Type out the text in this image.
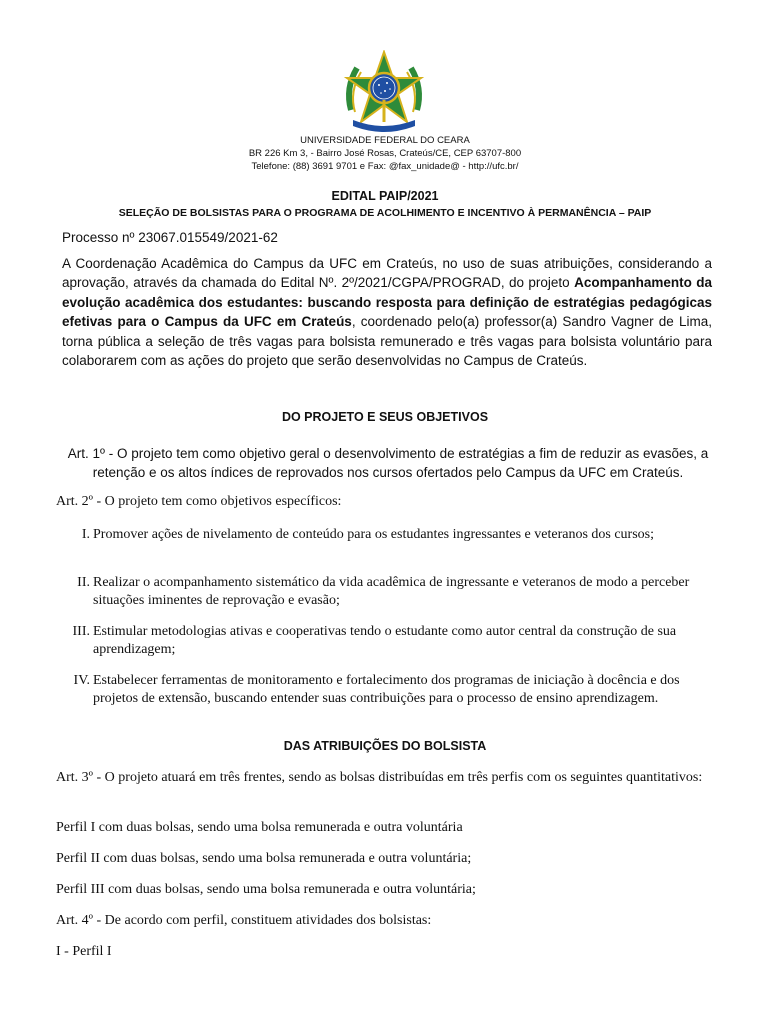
UNIVERSIDADE FEDERAL DO CEARA
BR 226 Km 3, - Bairro José Rosas, Crateús/CE, CEP 63707-800
Telefone: (88) 3691 9701 e Fax: @fax_unidade@ - http://ufc.br/
EDITAL PAIP/2021
SELEÇÃO DE BOLSISTAS PARA O PROGRAMA DE ACOLHIMENTO E INCENTIVO À PERMANÊNCIA – PAIP
Processo nº 23067.015549/2021-62
A Coordenação Acadêmica do Campus da UFC em Crateús, no uso de suas atribuições, considerando a aprovação, através da chamada do Edital Nº. 2º/2021/CGPA/PROGRAD, do projeto Acompanhamento da evolução acadêmica dos estudantes: buscando resposta para definição de estratégias pedagógicas efetivas para o Campus da UFC em Crateús, coordenado pelo(a) professor(a) Sandro Vagner de Lima, torna pública a seleção de três vagas para bolsista remunerado e três vagas para bolsista voluntário para colaborarem com as ações do projeto que serão desenvolvidas no Campus de Crateús.
DO PROJETO E SEUS OBJETIVOS
Art. 1º - O projeto tem como objetivo geral o desenvolvimento de estratégias a fim de reduzir as evasões, a retenção e os altos índices de reprovados nos cursos ofertados pelo Campus da UFC em Crateús.
Art. 2º - O projeto tem como objetivos específicos:
I. Promover ações de nivelamento de conteúdo para os estudantes ingressantes e veteranos dos cursos;
II. Realizar o acompanhamento sistemático da vida acadêmica de ingressante e veteranos de modo a perceber situações iminentes de reprovação e evasão;
III. Estimular metodologias ativas e cooperativas tendo o estudante como autor central da construção de sua aprendizagem;
IV. Estabelecer ferramentas de monitoramento e fortalecimento dos programas de iniciação à docência e dos projetos de extensão, buscando entender suas contribuições para o processo de ensino aprendizagem.
DAS ATRIBUIÇÕES DO BOLSISTA
Art. 3º - O projeto atuará em três frentes, sendo as bolsas distribuídas em três perfis com os seguintes quantitativos:
Perfil I com duas bolsas, sendo uma bolsa remunerada e outra voluntária
Perfil II com duas bolsas, sendo uma bolsa remunerada e outra voluntária;
Perfil III com duas bolsas, sendo uma bolsa remunerada e outra voluntária;
Art. 4º - De acordo com perfil, constituem atividades dos bolsistas:
I - Perfil I
